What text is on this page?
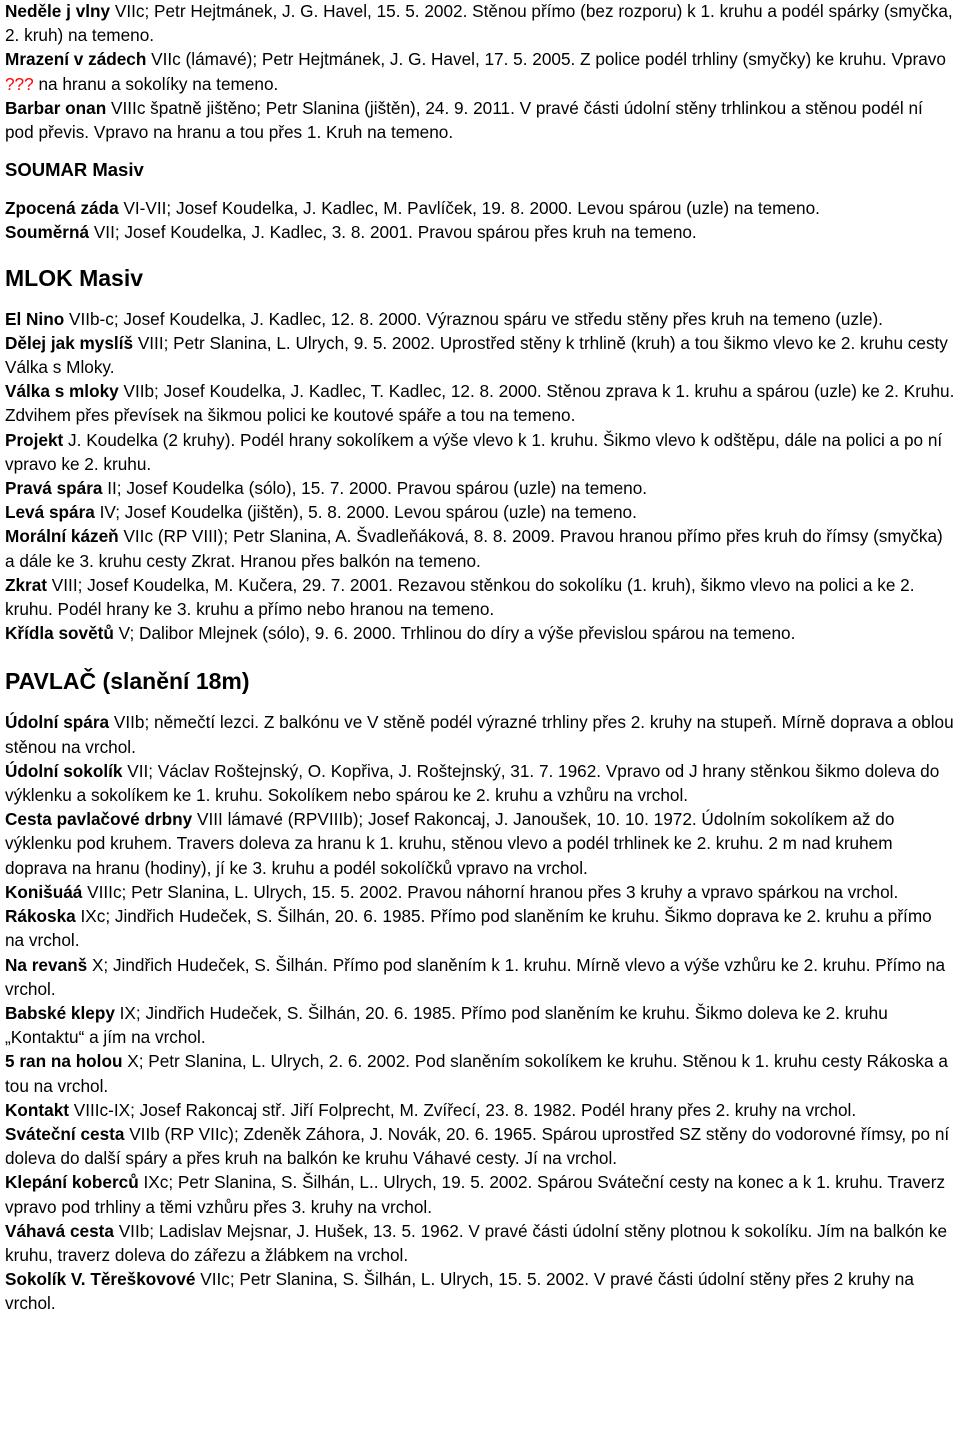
Neděle j vlny VIIc; Petr Hejtmánek, J. G. Havel, 15. 5. 2002. Stěnou přímo (bez rozporu) k 1. kruhu a podél spárky (smyčka, 2. kruh) na temeno.

Mrazení v zádech VIIc (lámavé); Petr Hejtmánek, J. G. Havel, 17. 5. 2005. Z police podél trhliny (smyčky) ke kruhu. Vpravo ??? na hranu a sokolíky na temeno.

Barbar onan VIIIc špatně jištěno; Petr Slanina (jištěn), 24. 9. 2011. V pravé části údolní stěny trhlinkou a stěnou podél ní pod převis. Vpravo na hranu a tou přes 1. Kruh na temeno.

SOUMAR Masiv

Zpocená záda VI-VII; Josef Koudelka, J. Kadlec, M. Pavlíček, 19. 8. 2000. Levou spárou (uzle) na temeno.

Souměrná VII; Josef Koudelka, J. Kadlec, 3. 8. 2001. Pravou spárou přes kruh na temeno.

MLOK Masiv

El Nino VIIb-c; Josef Koudelka, J. Kadlec, 12. 8. 2000. Výraznou spáru ve středu stěny přes kruh na temeno (uzle).

Dělej jak myslíš VIII; Petr Slanina, L. Ulrych, 9. 5. 2002. Uprostřed stěny k trhlině (kruh) a tou šikmo vlevo ke 2. kruhu cesty Válka s Mloky.

Válka s mloky VIIb; Josef Koudelka, J. Kadlec, T. Kadlec, 12. 8. 2000. Stěnou zprava k 1. kruhu a spárou (uzle) ke 2. Kruhu. Zdvihem přes převísek na šikmou polici ke koutové spáře a tou na temeno.

Projekt J. Koudelka (2 kruhy). Podél hrany sokolíkem a výše vlevo k 1. kruhu. Šikmo vlevo k odštěpu, dále na polici a po ní vpravo ke 2. kruhu.

Pravá spára II; Josef Koudelka (sólo), 15. 7. 2000. Pravou spárou (uzle) na temeno.

Levá spára IV; Josef Koudelka (jištěn), 5. 8. 2000. Levou spárou (uzle) na temeno.

Morální kázeň VIIc (RP VIII); Petr Slanina, A. Švadleňáková, 8. 8. 2009. Pravou hranou přímo přes kruh do římsy (smyčka) a dále ke 3. kruhu cesty Zkrat. Hranou přes balkón na temeno.

Zkrat VIII; Josef Koudelka, M. Kučera, 29. 7. 2001. Rezavou stěnkou do sokolíku (1. kruh), šikmo vlevo na polici a ke 2. kruhu. Podél hrany ke 3. kruhu a přímo nebo hranou na temeno.

Křídla sovětů V; Dalibor Mlejnek (sólo), 9. 6. 2000. Trhlinou do díry a výše převislou spárou na temeno.

PAVLAČ (slanění 18m)

Údolní spára VIIb; němečtí lezci. Z balkónu ve V stěně podél výrazné trhliny přes 2. kruhy na stupeň. Mírně doprava a oblou stěnou na vrchol.

Údolní sokolík VII; Václav Roštejnský, O. Kopřiva, J. Roštejnský, 31. 7. 1962. Vpravo od J hrany stěnkou šikmo doleva do výklenku a sokolíkem ke 1. kruhu. Sokolíkem nebo spárou ke 2. kruhu a vzhůru na vrchol.

Cesta pavlačové drbny VIII lámavé (RPVIIIb); Josef Rakoncaj, J. Janoušek, 10. 10. 1972. Údolním sokolíkem až do výklenku pod kruhem. Travers doleva za hranu k 1. kruhu, stěnou vlevo a podél trhlinek ke 2. kruhu. 2 m nad kruhem doprava na hranu (hodiny), jí ke 3. kruhu a podél sokolíčků vpravo na vrchol.

Konišuáá VIIIc; Petr Slanina, L. Ulrych, 15. 5. 2002. Pravou náhorní hranou přes 3 kruhy a vpravo spárkou na vrchol.

Rákoska IXc; Jindřich Hudeček, S. Šilhán, 20. 6. 1985. Přímo pod slaněním ke kruhu. Šikmo doprava ke 2. kruhu a přímo na vrchol.

Na revanš X; Jindřich Hudeček, S. Šilhán. Přímo pod slaněním k 1. kruhu. Mírně vlevo a výše vzhůru ke 2. kruhu. Přímo na vrchol.

Babské klepy IX; Jindřich Hudeček, S. Šilhán, 20. 6. 1985. Přímo pod slaněním ke kruhu. Šikmo doleva ke 2. kruhu „Kontaktu“ a jím na vrchol.

5 ran na holou X; Petr Slanina, L. Ulrych, 2. 6. 2002. Pod slaněním sokolíkem ke kruhu. Stěnou k 1. kruhu cesty Rákoska a tou na vrchol.

Kontakt VIIIc-IX; Josef Rakoncaj stř. Jiří Folprecht, M. Zvířecí, 23. 8. 1982. Podél hrany přes 2. kruhy na vrchol.

Sváteční cesta VIIb (RP VIIc); Zdeněk Záhora, J. Novák, 20. 6. 1965. Spárou uprostřed SZ stěny do vodorovné římsy, po ní doleva do další spáry a přes kruh na balkón ke kruhu Váhavé cesty. Jí na vrchol.

Klepání koberců IXc; Petr Slanina, S. Šilhán, L.. Ulrych, 19. 5. 2002. Spárou Sváteční cesty na konec a k 1. kruhu. Traverz vpravo pod trhliny a těmi vzhůru přes 3. kruhy na vrchol.

Váhavá cesta VIIb; Ladislav Mejsnar, J. Hušek, 13. 5. 1962. V pravé části údolní stěny plotnou k sokolíku. Jím na balkón ke kruhu, traverz doleva do zářezu a žlábkem na vrchol.

Sokolík V. Těreškovové VIIc; Petr Slanina, S. Šilhán, L. Ulrych, 15. 5. 2002. V pravé části údolní stěny přes 2 kruhy na vrchol.
